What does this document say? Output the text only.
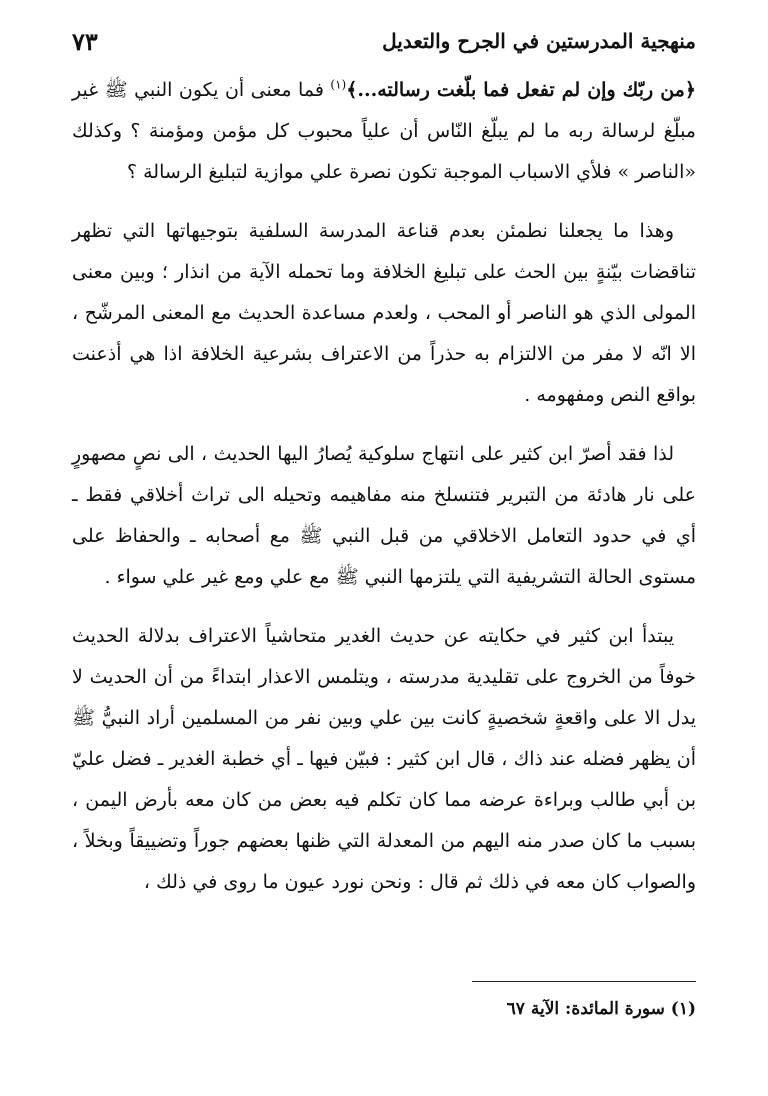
منهجية المدرستين في الجرح والتعديل
٧٣

﴿من ربّك وإن لم تفعل فما بلّغت رسالته...﴾$^{(١)}$ فما معنى أن يكون النبي ﷺ غير مبلّغ لرسالة ربه ما لم يبلّغ النّاس أن علياً محبوب كل مؤمن ومؤمنة ؟ وكذلك «الناصر » فلأي الاسباب الموجبة تكون نصرة علي موازية لتبليغ الرسالة ؟

وهذا ما يجعلنا نطمئن بعدم قناعة المدرسة السلفية بتوجيهاتها التي تظهر تناقضات بيّنةٍ بين الحث على تبليغ الخلافة وما تحمله الآية من انذار ؛ وبين معنى المولى الذي هو الناصر أو المحب ، ولعدم مساعدة الحديث مع المعنى المرشّح ، الا انّه لا مفر من الالتزام به حذراً من الاعتراف بشرعية الخلافة اذا هي أذعنت بواقع النص ومفهومه .

لذا فقد أصرّ ابن كثير على انتهاج سلوكية يُصارُ اليها الحديث ، الى نصٍ مصهورٍ على نار هادئة من التبرير فتنسلخ منه مفاهيمه وتحيله الى تراث أخلاقي فقط ـ أي في حدود التعامل الاخلاقي من قبل النبي ﷺ مع أصحابه ـ والحفاظ على مستوى الحالة التشريفية التي يلتزمها النبي ﷺ مع علي ومع غير علي سواء .

يبتدأ ابن كثير في حكايته عن حديث الغدير متحاشياً الاعتراف بدلالة الحديث خوفاً من الخروج على تقليدية مدرسته ، ويتلمس الاعذار ابتداءً من أن الحديث لا يدل الا على واقعةٍ شخصيةٍ كانت بين علي وبين نفر من المسلمين أراد النبيُّ ﷺ أن يظهر فضله عند ذاك ، قال ابن كثير : فبيّن فيها ـ أي خطبة الغدير ـ فضل عليّ بن أبي طالب وبراءة عرضه مما كان تكلم فيه بعض من كان معه بأرض اليمن ، بسبب ما كان صدر منه اليهم من المعدلة التي ظنها بعضهم جوراً وتضييقاً وبخلاً ، والصواب كان معه في ذلك ثم قال : ونحن نورد عيون ما روى في ذلك ،

(١) سورة المائدة: الآية ٦٧
